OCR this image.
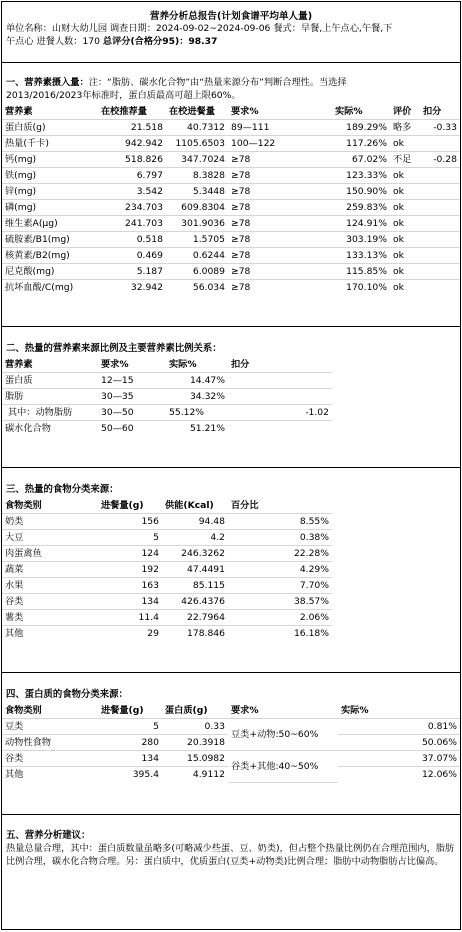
营养分析总报告(计划食谱平均单人量)
单位名称：山财大幼儿园 调查日期：2024-09-02~2024-09-06 餐式：早餐,上午点心,午餐,下
午点心 进餐人数：170 总评分(合格分95)：98.37
一、营养素摄入量：注：“脂肪、碳水化合物”由“热量来源分布”判断合理性。当选择
2013/2016/2023年标准时，蛋白质最高可超上限60%。
营养素	在校推荐量	在校进餐量	要求%	实际%	评价	扣分
蛋白质(g)	21.518	40.7312	89—111	189.29%	略多	-0.33
热量(千卡)	942.942	1105.6503	100—122	117.26%	ok	
钙(mg)	518.826	347.7024	≥78	67.02%	不足	-0.28
铁(mg)	6.797	8.3828	≥78	123.33%	ok	
锌(mg)	3.542	5.3448	≥78	150.90%	ok	
磷(mg)	234.703	609.8304	≥78	259.83%	ok	
维生素A(μg)	241.703	301.9036	≥78	124.91%	ok	
硫胺素/B1(mg)	0.518	1.5705	≥78	303.19%	ok	
核黄素/B2(mg)	0.469	0.6244	≥78	133.13%	ok	
尼克酸(mg)	5.187	6.0089	≥78	115.85%	ok	
抗坏血酸/C(mg)	32.942	56.034	≥78	170.10%	ok	
二、热量的营养素来源比例及主要营养素比例关系：
营养素	要求%	实际%	扣分
蛋白质	12—15	14.47%	
脂肪	30—35	34.32%	
其中：动物脂肪	30—50	55.12%	-1.02
碳水化合物	50—60	51.21%	
三、热量的食物分类来源：
食物类别	进餐量(g)	供能(Kcal)	百分比
奶类	156	94.48	8.55%
大豆	5	4.2	0.38%
肉蛋禽鱼	124	246.3262	22.28%
蔬菜	192	47.4491	4.29%
水果	163	85.115	7.70%
谷类	134	426.4376	38.57%
薯类	11.4	22.7964	2.06%
其他	29	178.846	16.18%
四、蛋白质的食物分类来源：
食物类别	进餐量(g)	蛋白质(g)	要求%	实际%
豆类	5	0.33	豆类+动物:50~60%	0.81%
动物性食物	280	20.3918		50.06%
谷类	134	15.0982	谷类+其他:40~50%	37.07%
其他	395.4	4.9112		12.06%
五、营养分析建议：
热量总量合理，其中：蛋白质数量虽略多(可略减少些蛋、豆、奶类)，但占整个热量比例仍在合理范围内，脂肪比例合理，碳水化合物合理。另：蛋白质中，优质蛋白(豆类+动物类)比例合理；脂肪中动物脂肪占比偏高。
